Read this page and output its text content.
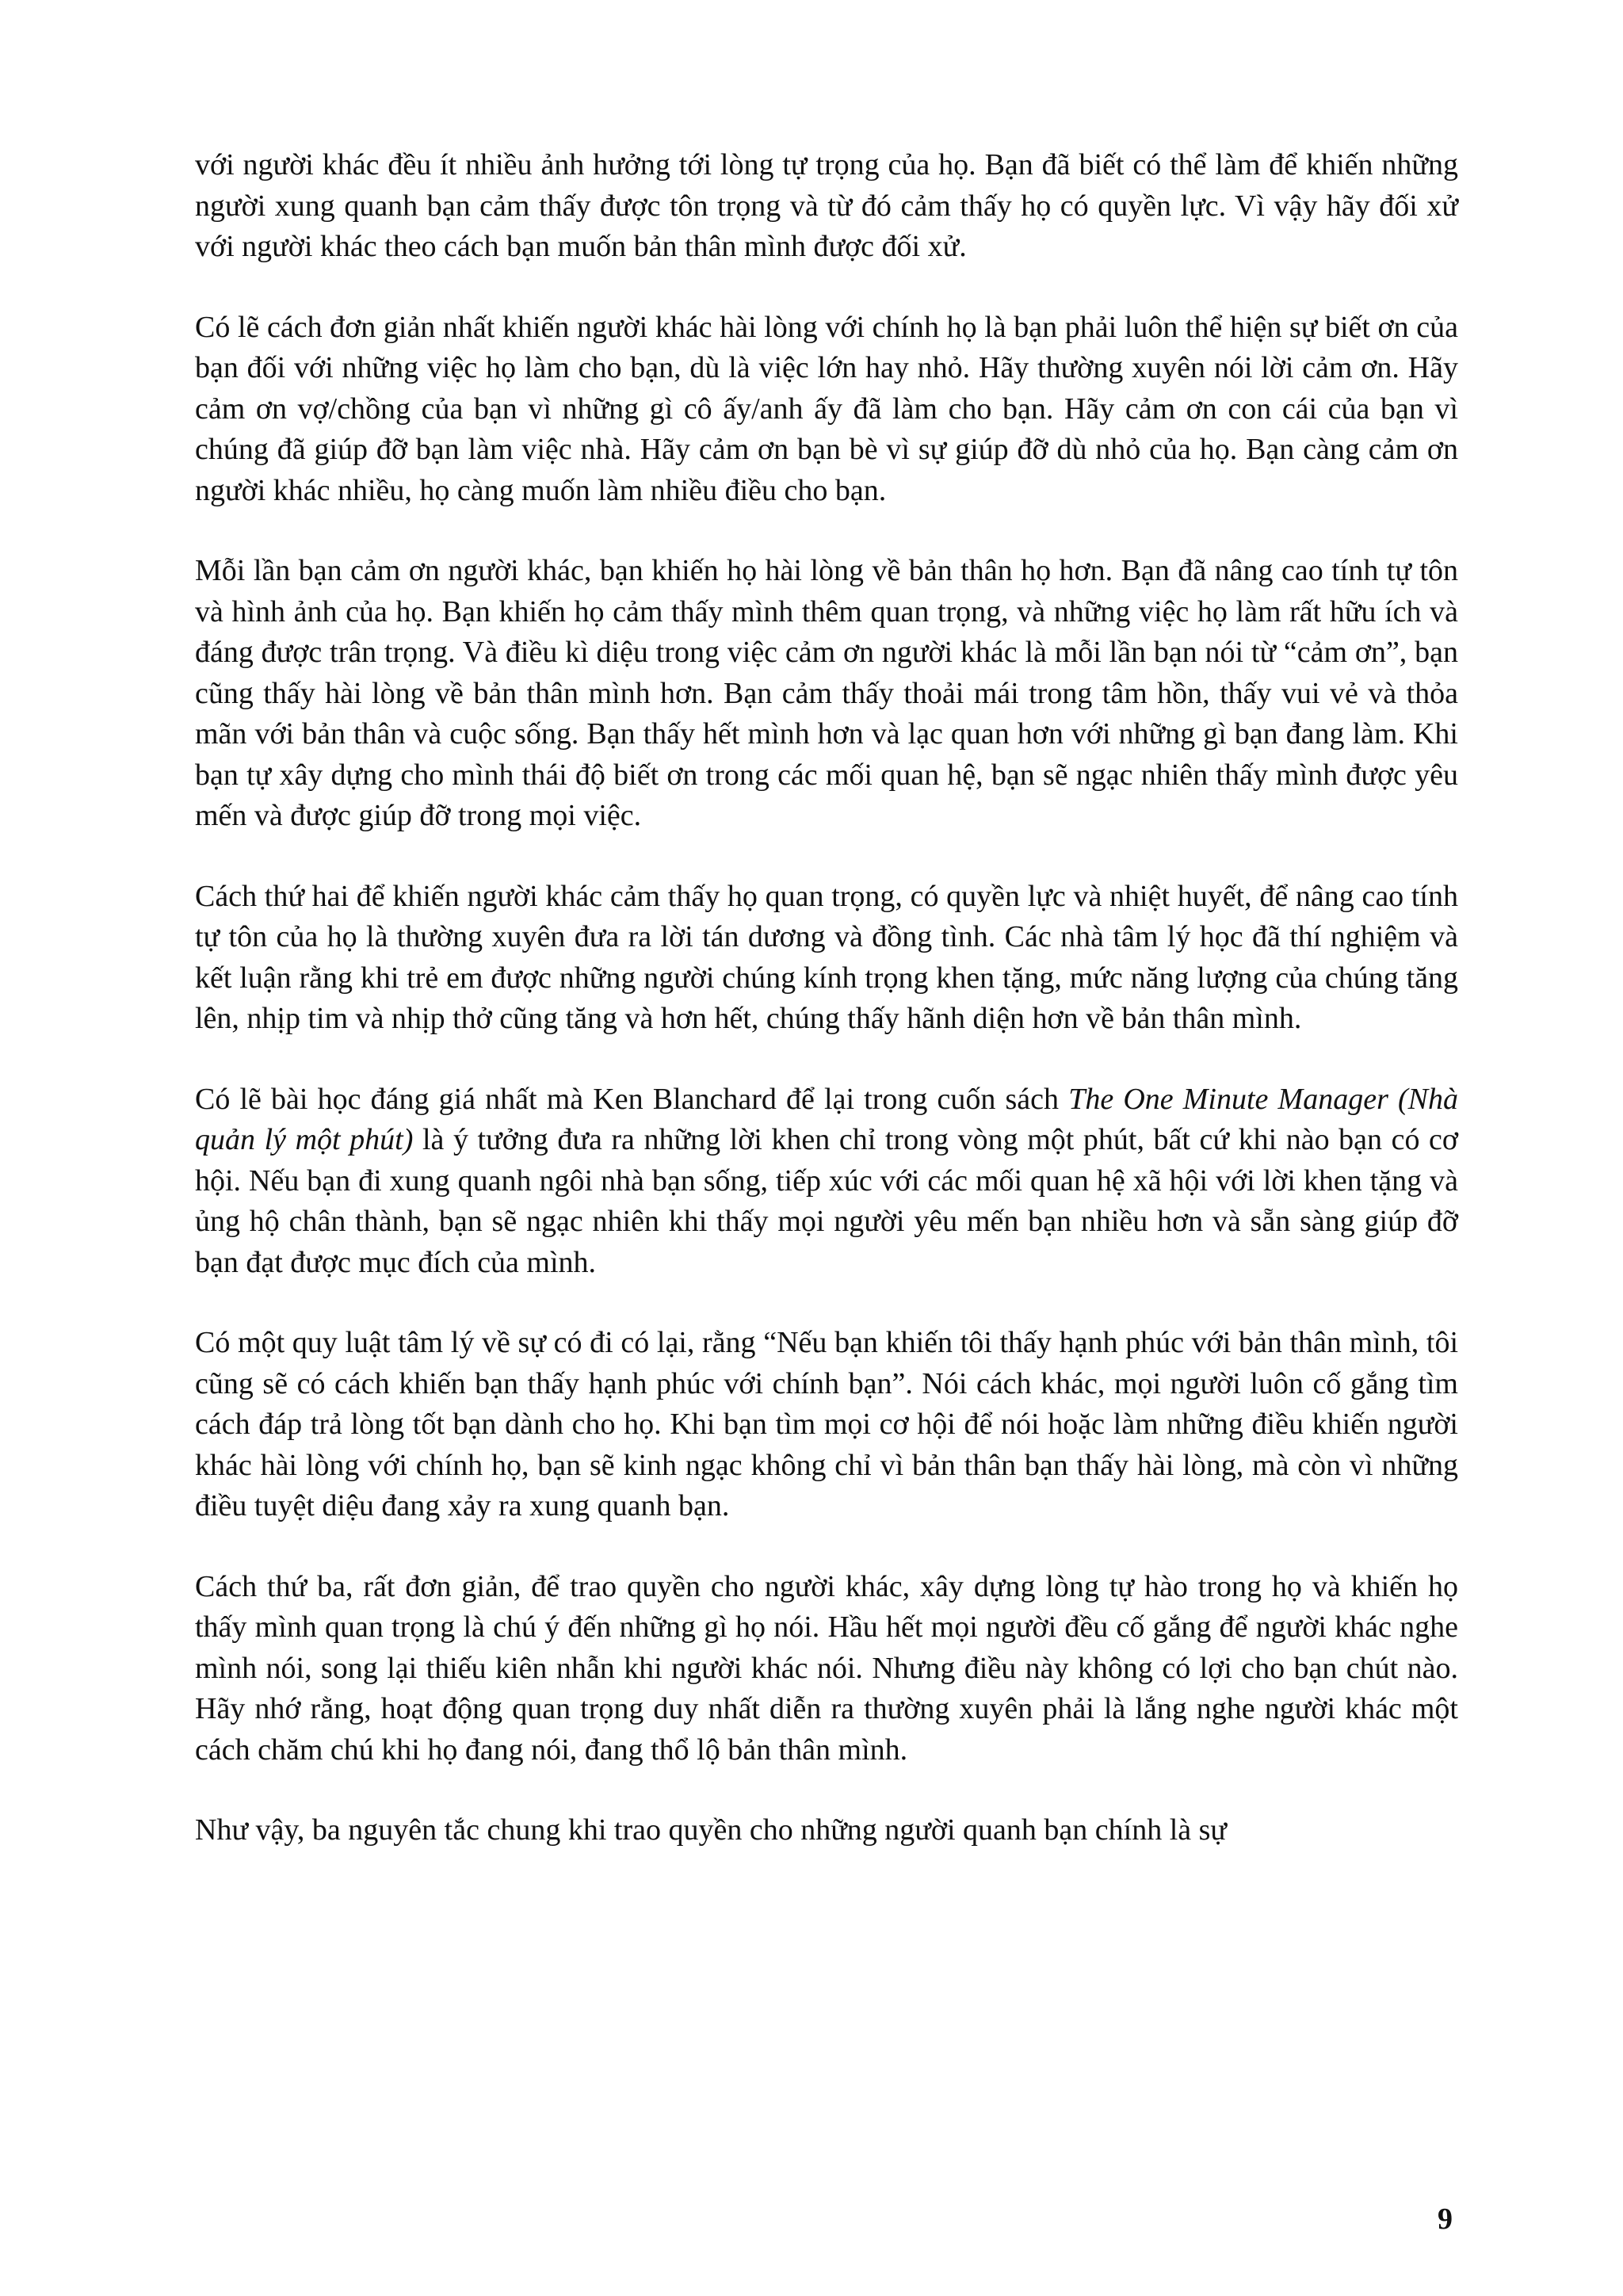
với người khác đều ít nhiều ảnh hưởng tới lòng tự trọng của họ. Bạn đã biết có thể làm để khiến những người xung quanh bạn cảm thấy được tôn trọng và từ đó cảm thấy họ có quyền lực. Vì vậy hãy đối xử với người khác theo cách bạn muốn bản thân mình được đối xử.

Có lẽ cách đơn giản nhất khiến người khác hài lòng với chính họ là bạn phải luôn thể hiện sự biết ơn của bạn đối với những việc họ làm cho bạn, dù là việc lớn hay nhỏ. Hãy thường xuyên nói lời cảm ơn. Hãy cảm ơn vợ/chồng của bạn vì những gì cô ấy/anh ấy đã làm cho bạn. Hãy cảm ơn con cái của bạn vì chúng đã giúp đỡ bạn làm việc nhà. Hãy cảm ơn bạn bè vì sự giúp đỡ dù nhỏ của họ. Bạn càng cảm ơn người khác nhiều, họ càng muốn làm nhiều điều cho bạn.

Mỗi lần bạn cảm ơn người khác, bạn khiến họ hài lòng về bản thân họ hơn. Bạn đã nâng cao tính tự tôn và hình ảnh của họ. Bạn khiến họ cảm thấy mình thêm quan trọng, và những việc họ làm rất hữu ích và đáng được trân trọng. Và điều kì diệu trong việc cảm ơn người khác là mỗi lần bạn nói từ “cảm ơn”, bạn cũng thấy hài lòng về bản thân mình hơn. Bạn cảm thấy thoải mái trong tâm hồn, thấy vui vẻ và thỏa mãn với bản thân và cuộc sống. Bạn thấy hết mình hơn và lạc quan hơn với những gì bạn đang làm. Khi bạn tự xây dựng cho mình thái độ biết ơn trong các mối quan hệ, bạn sẽ ngạc nhiên thấy mình được yêu mến và được giúp đỡ trong mọi việc.

Cách thứ hai để khiến người khác cảm thấy họ quan trọng, có quyền lực và nhiệt huyết, để nâng cao tính tự tôn của họ là thường xuyên đưa ra lời tán dương và đồng tình. Các nhà tâm lý học đã thí nghiệm và kết luận rằng khi trẻ em được những người chúng kính trọng khen tặng, mức năng lượng của chúng tăng lên, nhịp tim và nhịp thở cũng tăng và hơn hết, chúng thấy hãnh diện hơn về bản thân mình.

Có lẽ bài học đáng giá nhất mà Ken Blanchard để lại trong cuốn sách The One Minute Manager (Nhà quản lý một phút) là ý tưởng đưa ra những lời khen chỉ trong vòng một phút, bất cứ khi nào bạn có cơ hội. Nếu bạn đi xung quanh ngôi nhà bạn sống, tiếp xúc với các mối quan hệ xã hội với lời khen tặng và ủng hộ chân thành, bạn sẽ ngạc nhiên khi thấy mọi người yêu mến bạn nhiều hơn và sẵn sàng giúp đỡ bạn đạt được mục đích của mình.

Có một quy luật tâm lý về sự có đi có lại, rằng “Nếu bạn khiến tôi thấy hạnh phúc với bản thân mình, tôi cũng sẽ có cách khiến bạn thấy hạnh phúc với chính bạn”. Nói cách khác, mọi người luôn cố gắng tìm cách đáp trả lòng tốt bạn dành cho họ. Khi bạn tìm mọi cơ hội để nói hoặc làm những điều khiến người khác hài lòng với chính họ, bạn sẽ kinh ngạc không chỉ vì bản thân bạn thấy hài lòng, mà còn vì những điều tuyệt diệu đang xảy ra xung quanh bạn.

Cách thứ ba, rất đơn giản, để trao quyền cho người khác, xây dựng lòng tự hào trong họ và khiến họ thấy mình quan trọng là chú ý đến những gì họ nói. Hầu hết mọi người đều cố gắng để người khác nghe mình nói, song lại thiếu kiên nhẫn khi người khác nói. Nhưng điều này không có lợi cho bạn chút nào. Hãy nhớ rằng, hoạt động quan trọng duy nhất diễn ra thường xuyên phải là lắng nghe người khác một cách chăm chú khi họ đang nói, đang thổ lộ bản thân mình.

Như vậy, ba nguyên tắc chung khi trao quyền cho những người quanh bạn chính là sự

9
